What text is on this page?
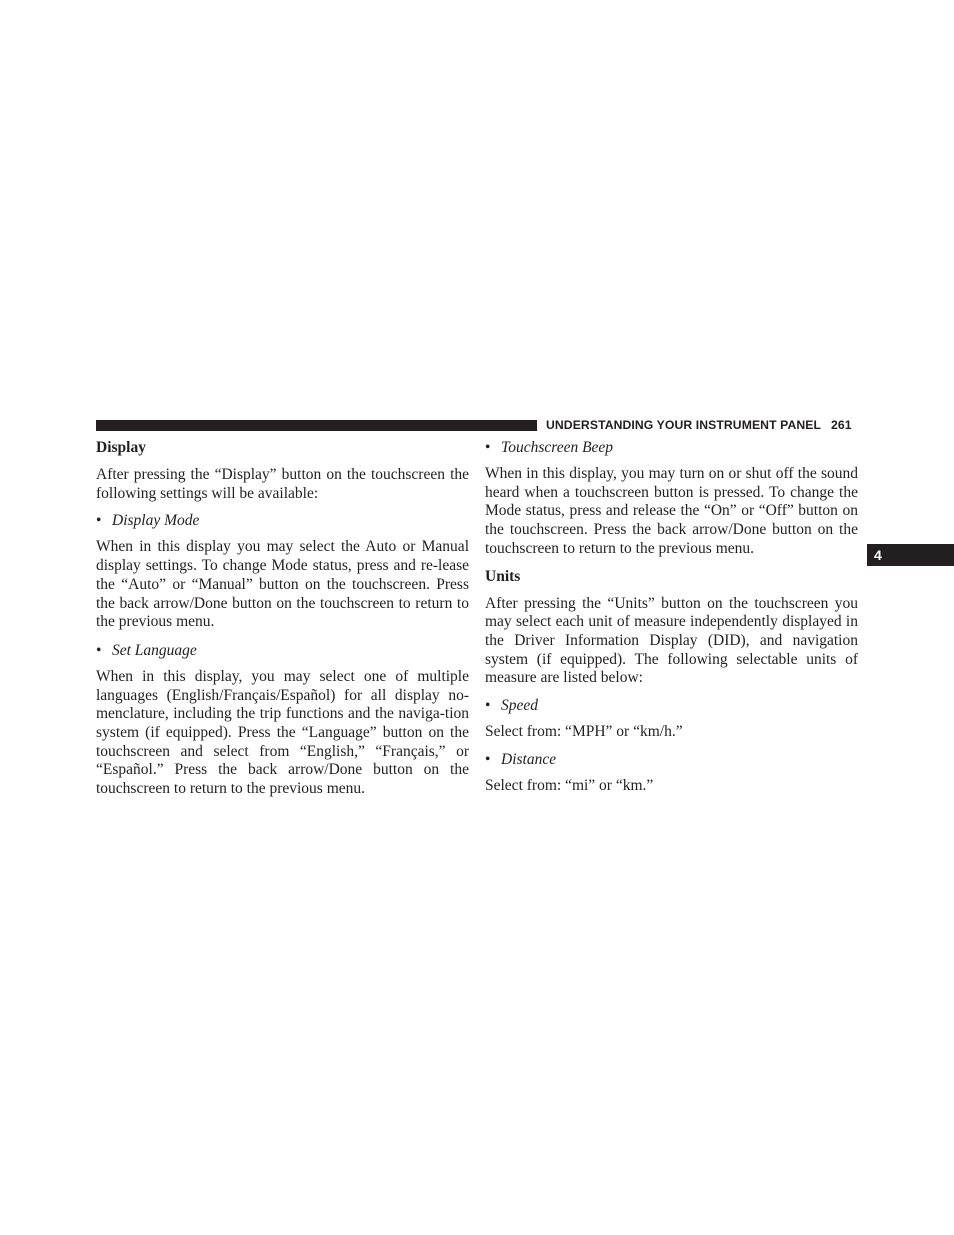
UNDERSTANDING YOUR INSTRUMENT PANEL 261
4
Display

After pressing the “Display” button on the touchscreen the following settings will be available:

• Display Mode

When in this display you may select the Auto or Manual display settings. To change Mode status, press and re-lease the “Auto” or “Manual” button on the touchscreen. Press the back arrow/Done button on the touchscreen to return to the previous menu.

• Set Language

When in this display, you may select one of multiple languages (English/Français/Español) for all display no-menclature, including the trip functions and the naviga-tion system (if equipped). Press the “Language” button on the touchscreen and select from “English,” “Français,” or “Español.” Press the back arrow/Done button on the touchscreen to return to the previous menu.

• Touchscreen Beep

When in this display, you may turn on or shut off the sound heard when a touchscreen button is pressed. To change the Mode status, press and release the “On” or “Off” button on the touchscreen. Press the back arrow/Done button on the touchscreen to return to the previous menu.

Units

After pressing the “Units” button on the touchscreen you may select each unit of measure independently displayed in the Driver Information Display (DID), and navigation system (if equipped). The following selectable units of measure are listed below:

• Speed

Select from: “MPH” or “km/h.”

• Distance

Select from: “mi” or “km.”
